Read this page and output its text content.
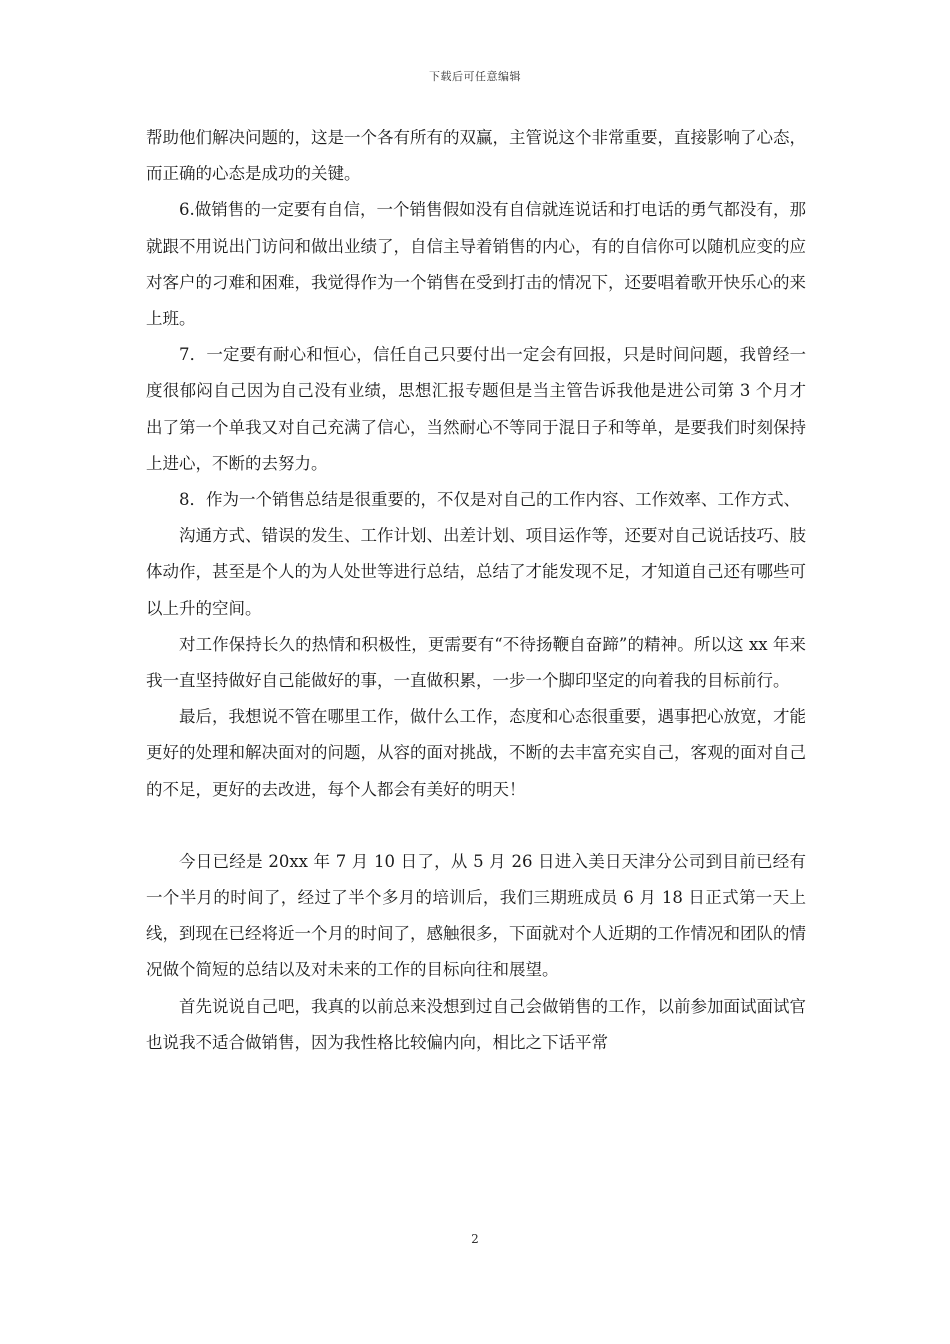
下载后可任意编辑

帮助他们解决问题的，这是一个各有所有的双赢，主管说这个非常重要，直接影响了心态，而正确的心态是成功的关键。

6.做销售的一定要有自信，一个销售假如没有自信就连说话和打电话的勇气都没有，那就跟不用说出门访问和做出业绩了，自信主导着销售的内心，有的自信你可以随机应变的应对客户的刁难和困难，我觉得作为一个销售在受到打击的情况下，还要唱着歌开快乐心的来上班。

7．一定要有耐心和恒心，信任自己只要付出一定会有回报，只是时间问题，我曾经一度很郁闷自己因为自己没有业绩，思想汇报专题但是当主管告诉我他是进公司第 3 个月才出了第一个单我又对自己充满了信心，当然耐心不等同于混日子和等单，是要我们时刻保持上进心，不断的去努力。

8．作为一个销售总结是很重要的，不仅是对自己的工作内容、工作效率、工作方式、

沟通方式、错误的发生、工作计划、出差计划、项目运作等，还要对自己说话技巧、肢体动作，甚至是个人的为人处世等进行总结，总结了才能发现不足，才知道自己还有哪些可以上升的空间。

对工作保持长久的热情和积极性，更需要有“不待扬鞭自奋蹄”的精神。所以这 xx 年来我一直坚持做好自己能做好的事，一直做积累，一步一个脚印坚定的向着我的目标前行。

最后，我想说不管在哪里工作，做什么工作，态度和心态很重要，遇事把心放宽，才能更好的处理和解决面对的问题，从容的面对挑战，不断的去丰富充实自己，客观的面对自己的不足，更好的去改进，每个人都会有美好的明天！

今日已经是 20xx 年 7 月 10 日了，从 5 月 26 日进入美日天津分公司到目前已经有一个半月的时间了，经过了半个多月的培训后，我们三期班成员 6 月 18 日正式第一天上线，到现在已经将近一个月的时间了，感触很多，下面就对个人近期的工作情况和团队的情况做个简短的总结以及对未来的工作的目标向往和展望。

首先说说自己吧，我真的以前总来没想到过自己会做销售的工作，以前参加面试面试官也说我不适合做销售，因为我性格比较偏内向，相比之下话平常

2
